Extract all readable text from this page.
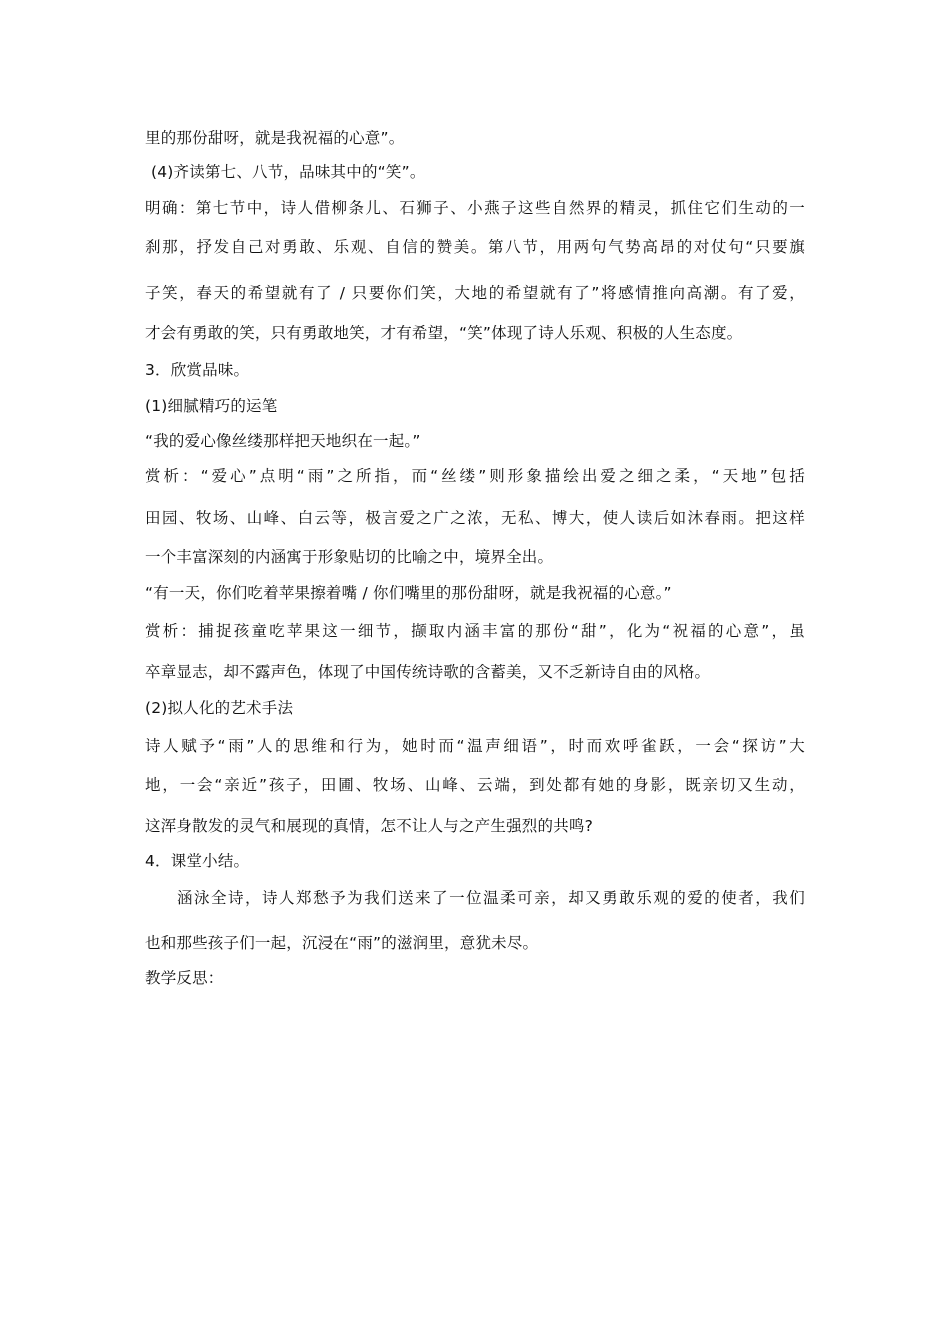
里的那份甜呀，就是我祝福的心意”。
(4)齐读第七、八节，品味其中的“笑”。
明确：第七节中，诗人借柳条儿、石狮子、小燕子这些自然界的精灵，抓住它们生动的一
刹那，抒发自己对勇敢、乐观、自信的赞美。第八节，用两句气势高昂的对仗句“只要旗
子笑，春天的希望就有了 / 只要你们笑，大地的希望就有了”将感情推向高潮。有了爱，
才会有勇敢的笑，只有勇敢地笑，才有希望，“笑”体现了诗人乐观、积极的人生态度。
3．欣赏品味。
(1)细腻精巧的运笔
“我的爱心像丝缕那样把天地织在一起。”
赏析：“爱心”点明“雨”之所指，而“丝缕”则形象描绘出爱之细之柔，“天地”包括
田园、牧场、山峰、白云等，极言爱之广之浓，无私、博大，使人读后如沐春雨。把这样
一个丰富深刻的内涵寓于形象贴切的比喻之中，境界全出。
“有一天，你们吃着苹果擦着嘴 / 你们嘴里的那份甜呀，就是我祝福的心意。”
赏析：捕捉孩童吃苹果这一细节，撷取内涵丰富的那份“甜”，化为“祝福的心意”，虽
卒章显志，却不露声色，体现了中国传统诗歌的含蓄美，又不乏新诗自由的风格。
(2)拟人化的艺术手法
诗人赋予“雨”人的思维和行为，她时而“温声细语”，时而欢呼雀跃，一会“探访”大
地，一会“亲近”孩子，田圃、牧场、山峰、云端，到处都有她的身影，既亲切又生动，
这浑身散发的灵气和展现的真情，怎不让人与之产生强烈的共鸣?
4．课堂小结。
涵泳全诗，诗人郑愁予为我们送来了一位温柔可亲，却又勇敢乐观的爱的使者，我们
也和那些孩子们一起，沉浸在“雨”的滋润里，意犹未尽。
教学反思：
